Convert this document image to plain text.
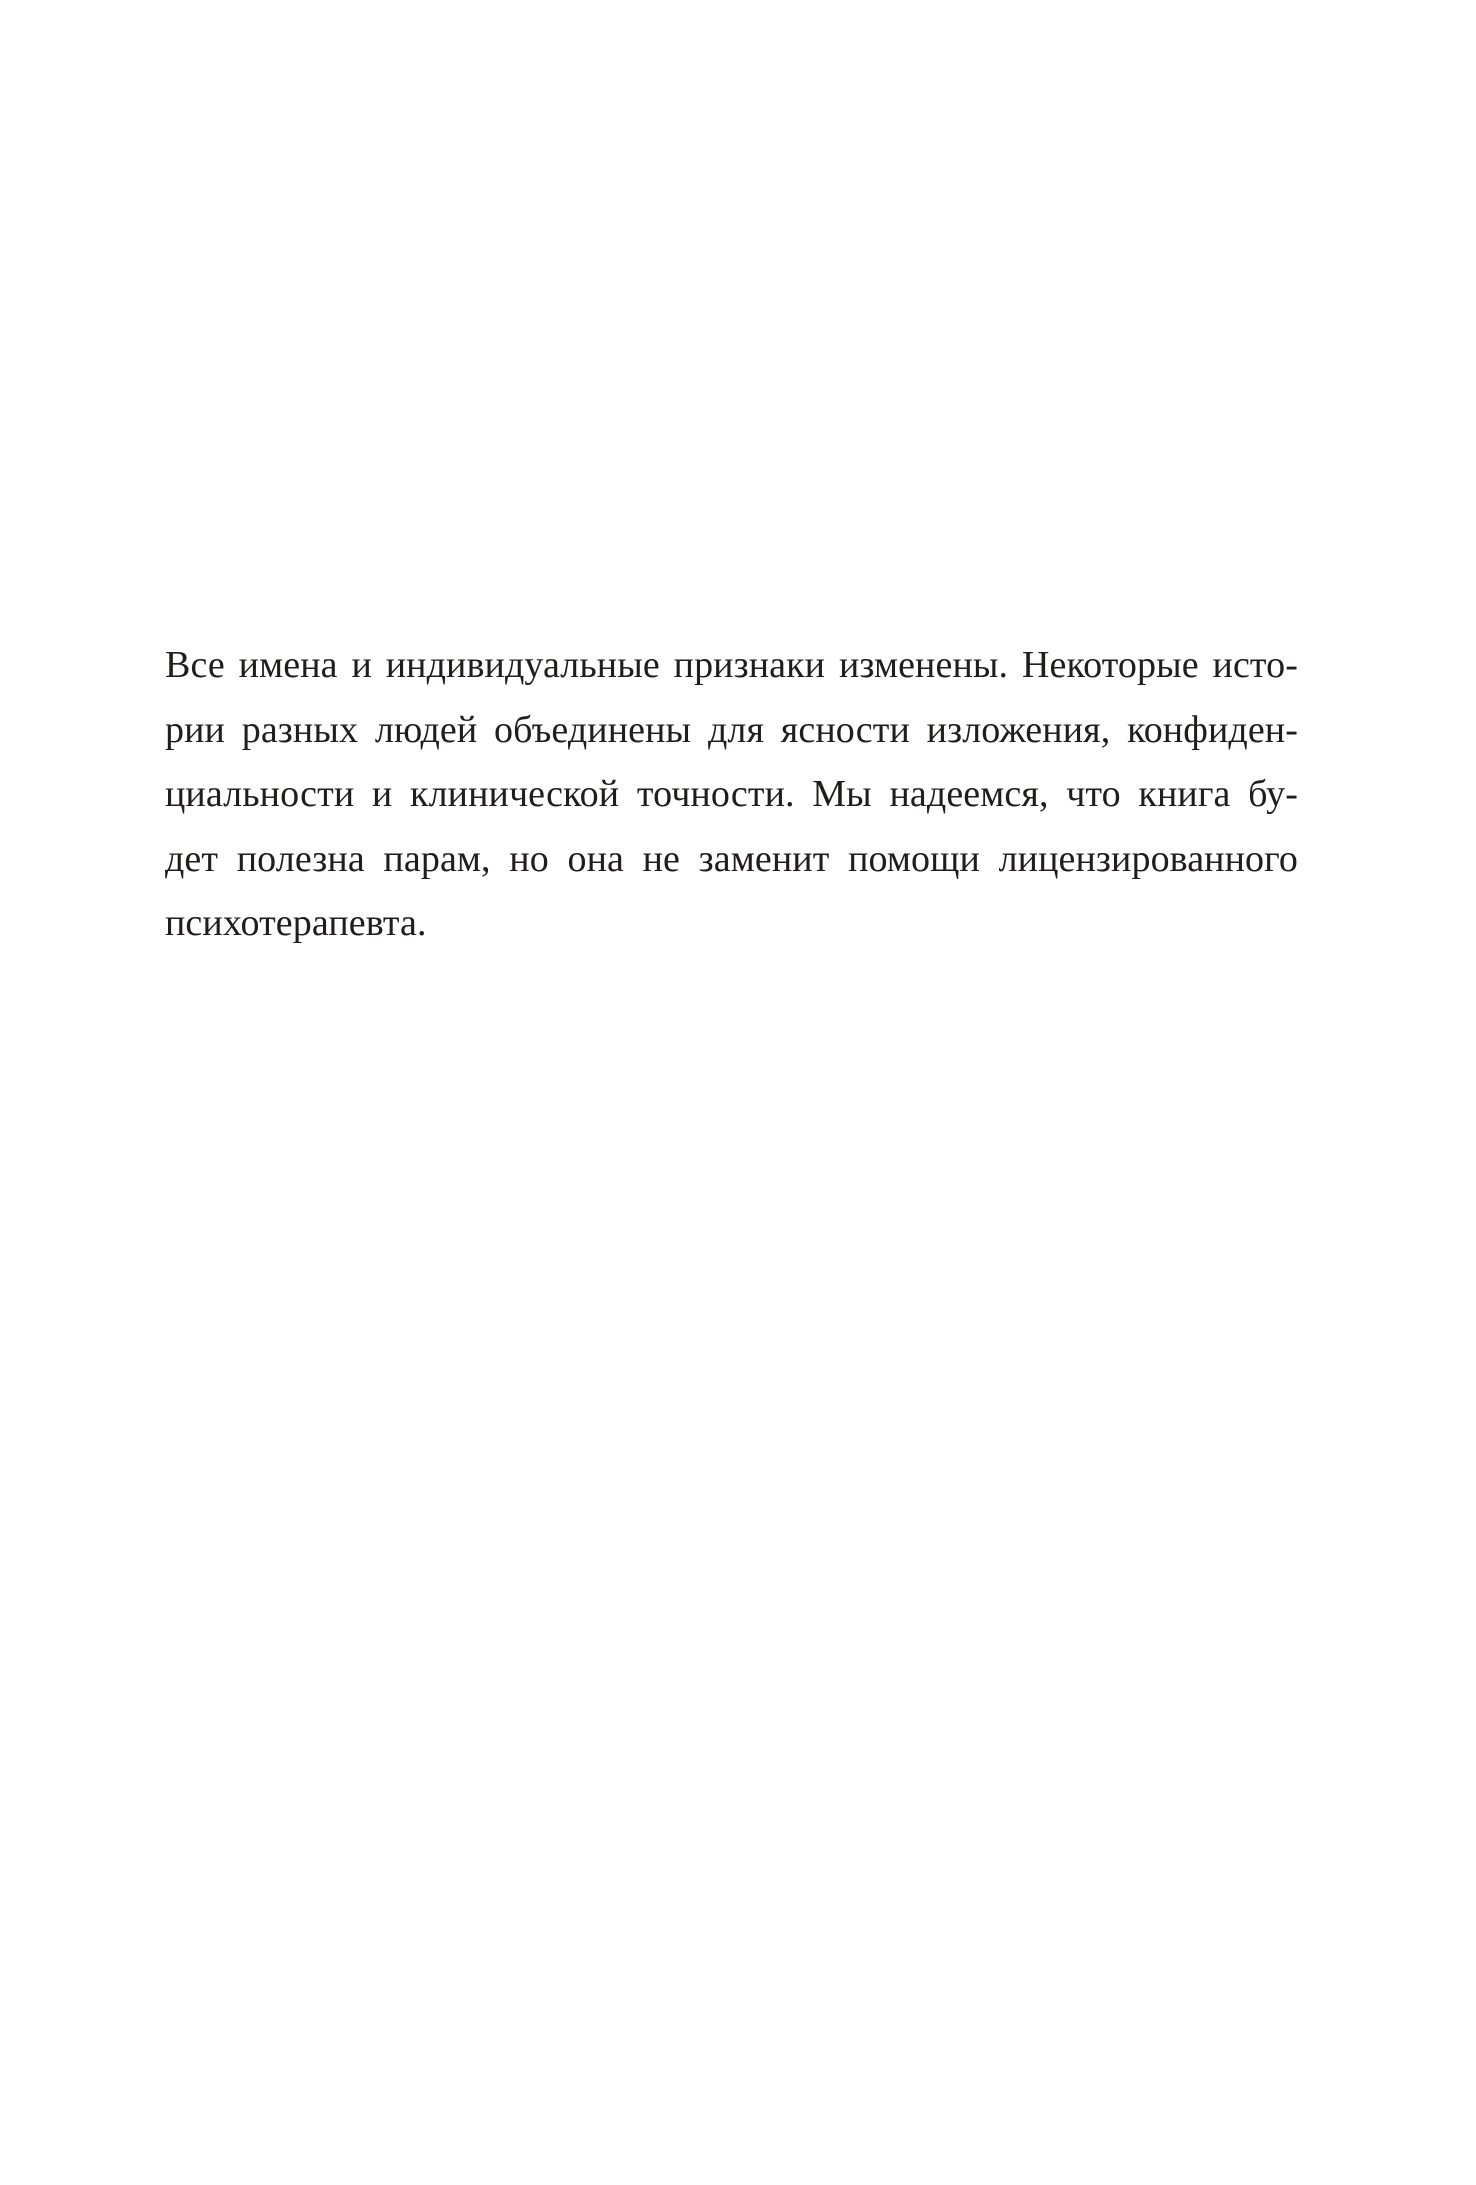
Все имена и индивидуальные признаки изменены. Некоторые исто-
рии разных людей объединены для ясности изложения, конфиден-
циальности и клинической точности. Мы надеемся, что книга бу-
дет полезна парам, но она не заменит помощи лицензированного
психотерапевта.
